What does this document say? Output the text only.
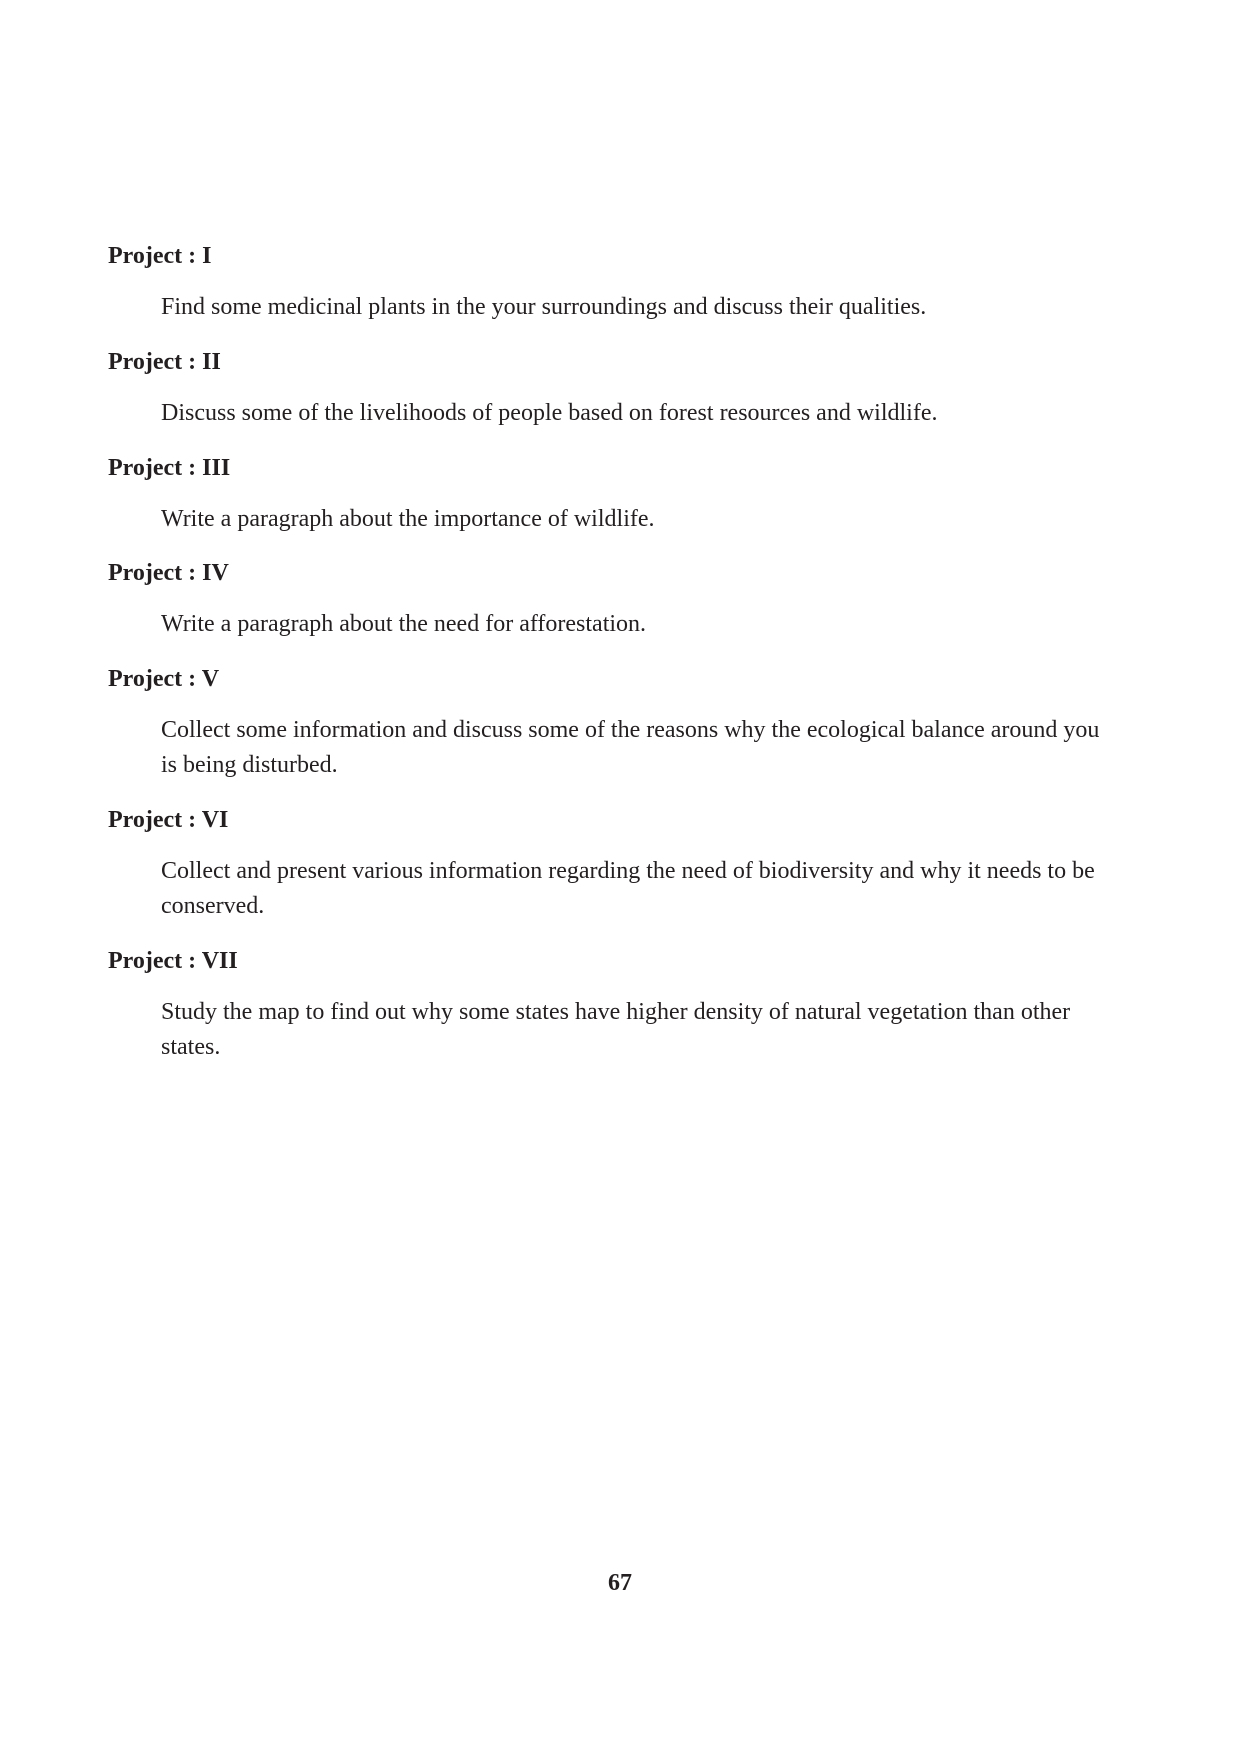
Project : I

Find some medicinal plants in the your surroundings and discuss their qualities.

Project : II

Discuss some of the livelihoods of people based on forest resources and wildlife.

Project : III

Write a paragraph about the importance of wildlife.

Project : IV

Write a paragraph about the need for afforestation.

Project : V

Collect some information and discuss some of the reasons why the ecological balance around you is being disturbed.

Project : VI

Collect and present various information regarding the need of biodiversity and why it needs to be conserved.

Project : VII

Study the map to find out why some states have higher density of natural vegetation than other states.

67
